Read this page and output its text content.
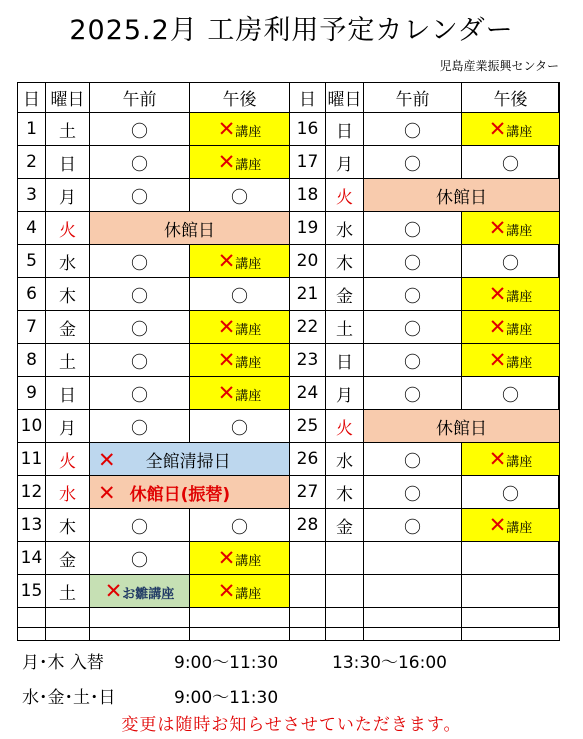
2025.2月 工房利用予定カレンダー
児島産業振興センター
日	曜日	午前	午後
1	土	〇	✕講座
2	日	〇	✕講座
3	月	〇	〇
4	火	休館日	
5	水	〇	✕講座
6	木	〇	〇
7	金	〇	✕講座
8	土	〇	✕講座
9	日	〇	✕講座
10	月	〇	〇
11	火	✕ 全館清掃日	
12	水	✕ 休館日(振替)	
13	木	〇	〇
14	金	〇	✕講座
15	土	✕お雛講座	✕講座

日	曜日	午前	午後
16	日	〇	✕講座
17	月	〇	〇
18	火	休館日	
19	水	〇	✕講座
20	木	〇	〇
21	金	〇	✕講座
22	土	〇	✕講座
23	日	〇	✕講座
24	月	〇	〇
25	火	休館日	
26	水	〇	✕講座
27	木	〇	〇
28	金	〇	✕講座

月･木 入替	9:00～11:30	13:30～16:00
水･金･土･日	9:00～11:30
変更は随時お知らせさせていただきます。
